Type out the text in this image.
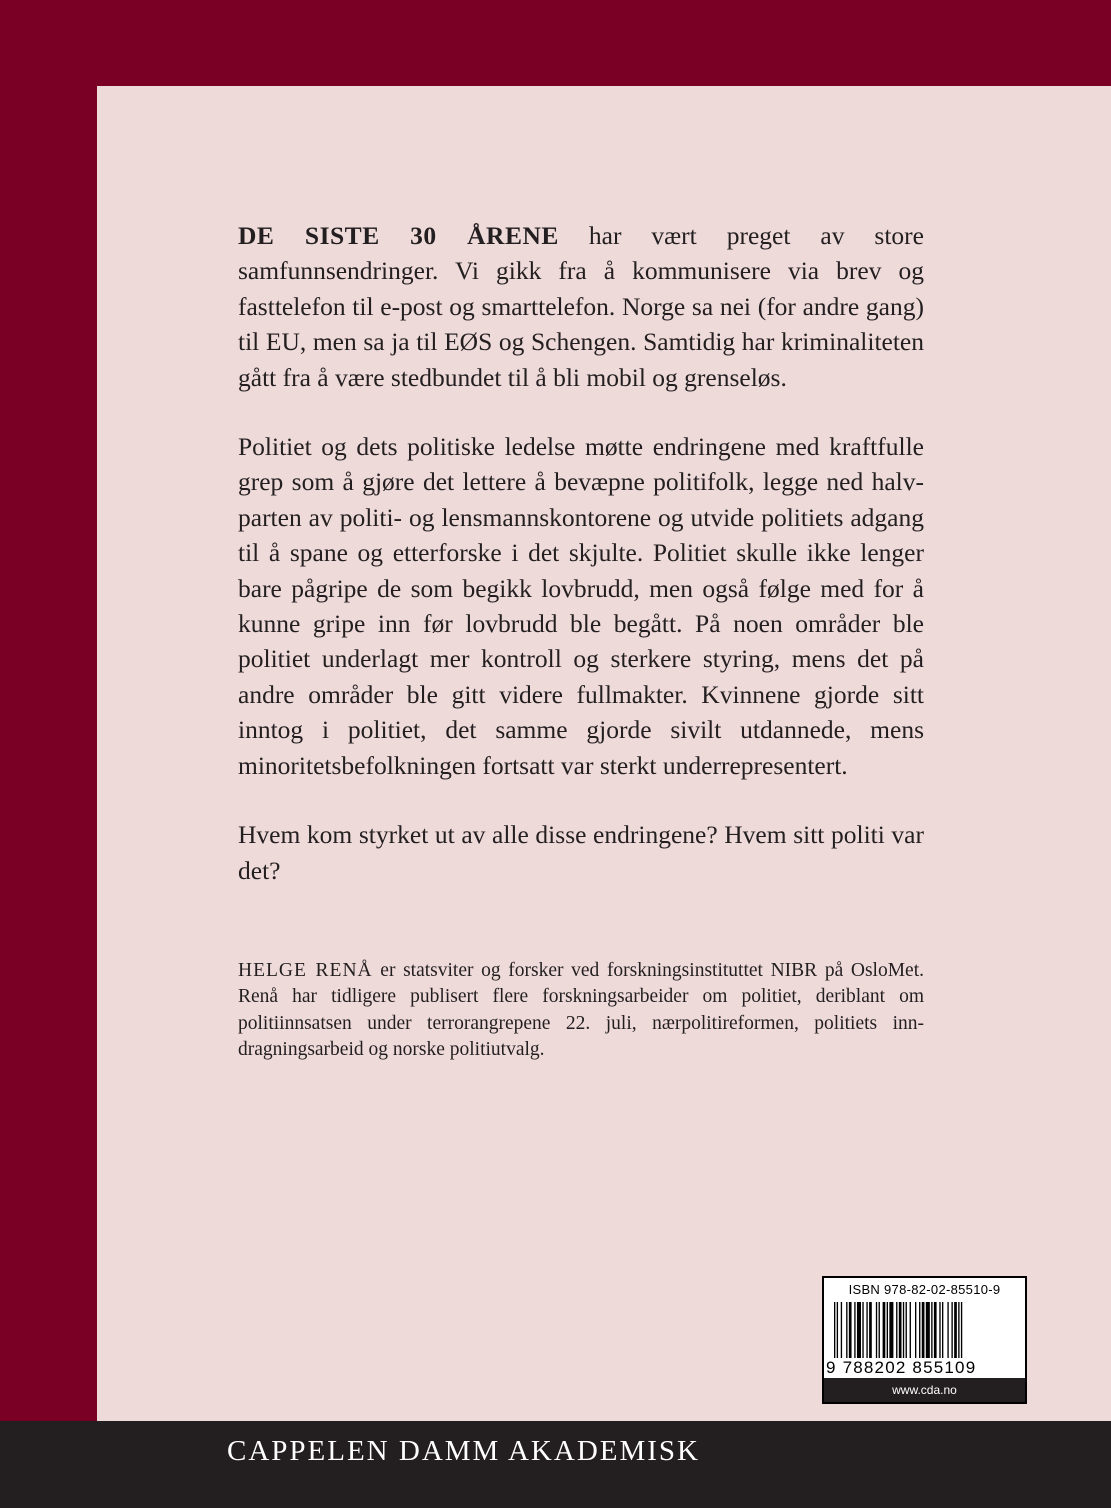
DE SISTE 30 ÅRENE har vært preget av store samfunnsendringer. Vi gikk fra å kommunisere via brev og fasttelefon til e-post og smarttelefon. Norge sa nei (for andre gang) til EU, men sa ja til EØS og Schengen. Samtidig har kriminaliteten gått fra å være stedbundet til å bli mobil og grenseløs.

Politiet og dets politiske ledelse møtte endringene med kraftfulle grep som å gjøre det lettere å bevæpne politifolk, legge ned halvparten av politi- og lensmannskontorene og utvide politiets adgang til å spane og etterforske i det skjulte. Politiet skulle ikke lenger bare pågripe de som begikk lovbrudd, men også følge med for å kunne gripe inn før lovbrudd ble begått. På noen områder ble politiet underlagt mer kontroll og sterkere styring, mens det på andre områder ble gitt videre fullmakter. Kvinnene gjorde sitt inntog i politiet, det samme gjorde sivilt utdannede, mens minoritetsbefolkningen fortsatt var sterkt underrepresentert.

Hvem kom styrket ut av alle disse endringene? Hvem sitt politi var det?

HELGE RENÅ er statsviter og forsker ved forskningsinstituttet NIBR på OsloMet. Renå har tidligere publisert flere forskningsarbeider om politiet, deriblant om politiinnsatsen under terrorangrepene 22. juli, nærpolitireformen, politiets inndragningsarbeid og norske politiutvalg.

ISBN 978-82-02-85510-9
9 788202 855109
www.cda.no
CAPPELEN DAMM AKADEMISK
